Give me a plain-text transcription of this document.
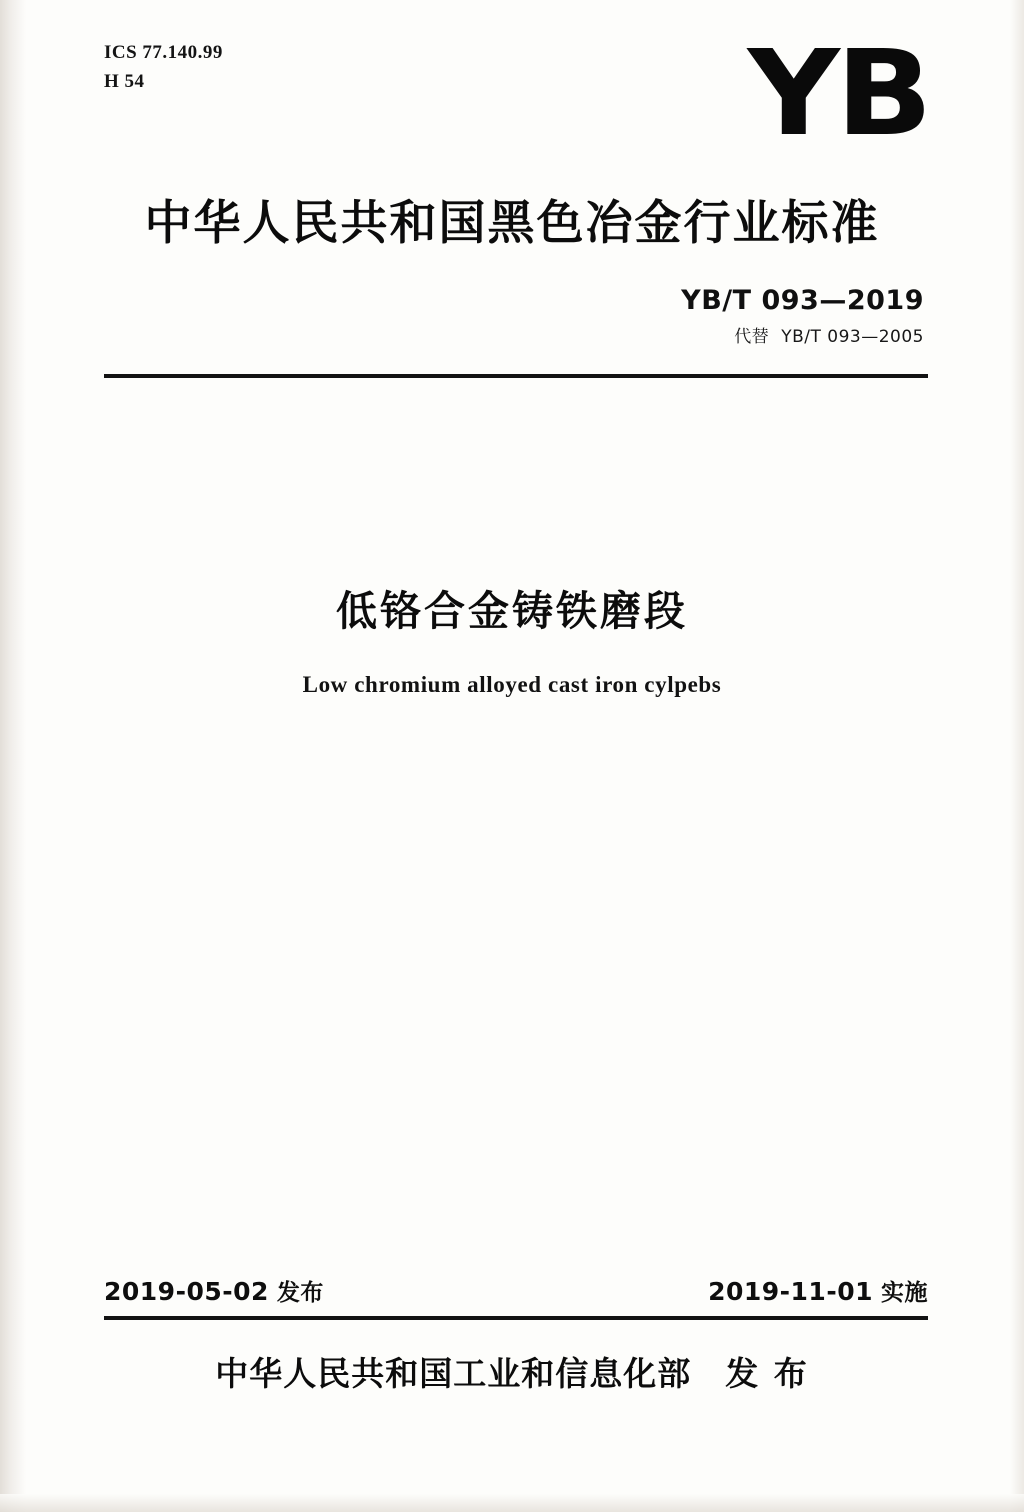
ICS 77.140.99
H 54	YB
中华人民共和国黑色冶金行业标准
YB/T 093—2019
代替 YB/T 093—2005
低铬合金铸铁磨段
Low chromium alloyed cast iron cylpebs
2019-05-02 发布	2019-11-01 实施
中华人民共和国工业和信息化部 发 布
